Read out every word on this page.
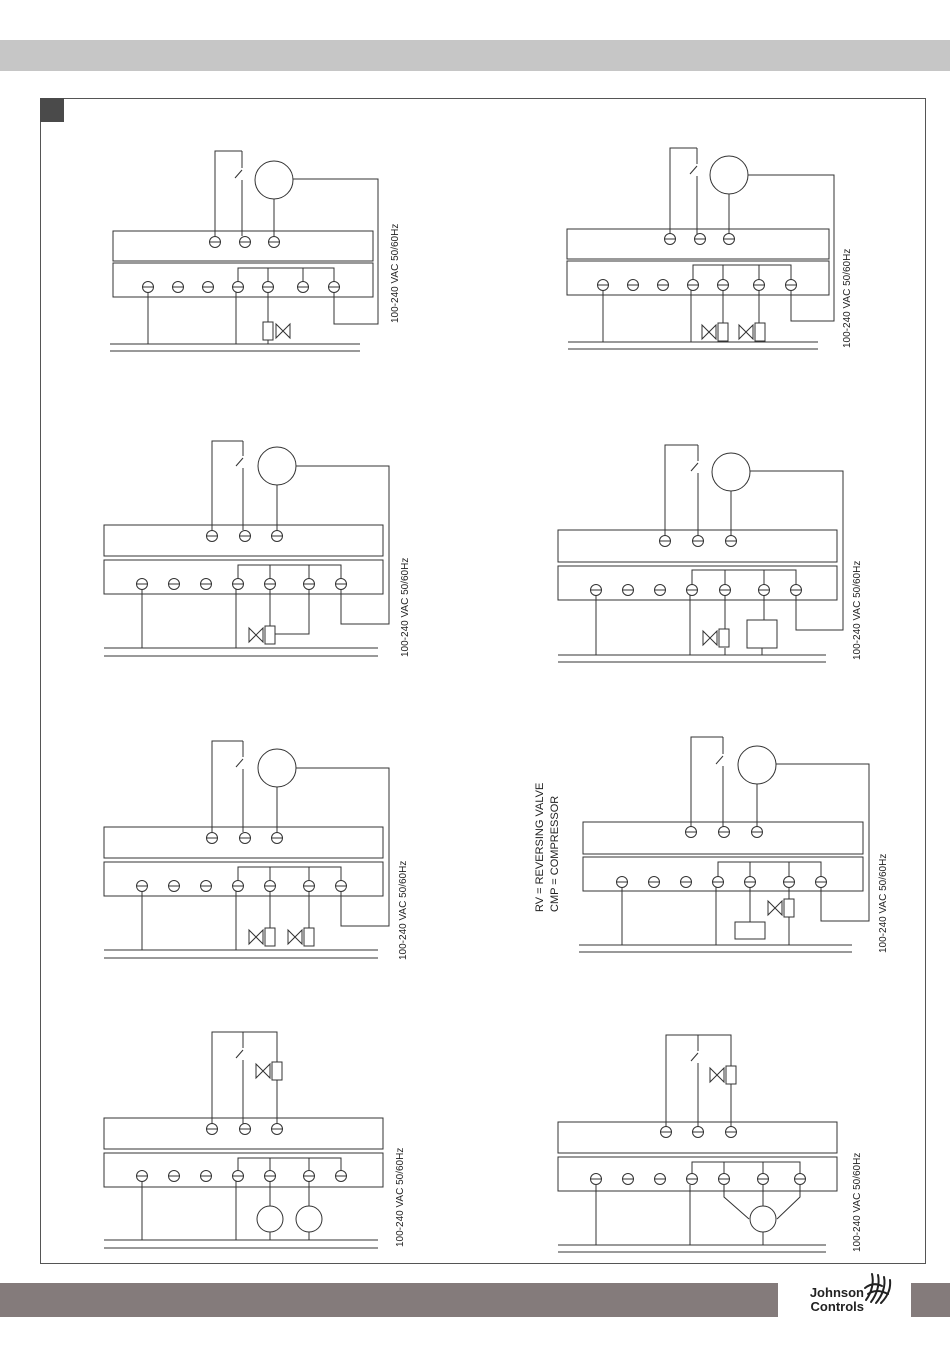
100-240 VAC 50/60Hz	100-240 VAC 50/60Hz
100-240 VAC 50/60Hz	100-240 VAC 50/60Hz
100-240 VAC 50/60Hz	100-240 VAC 50/60Hz
100-240 VAC 50/60Hz	100-240 VAC 50/60Hz
RV = REVERSING VALVE CMP = COMPRESSOR
Johnson
Controls
